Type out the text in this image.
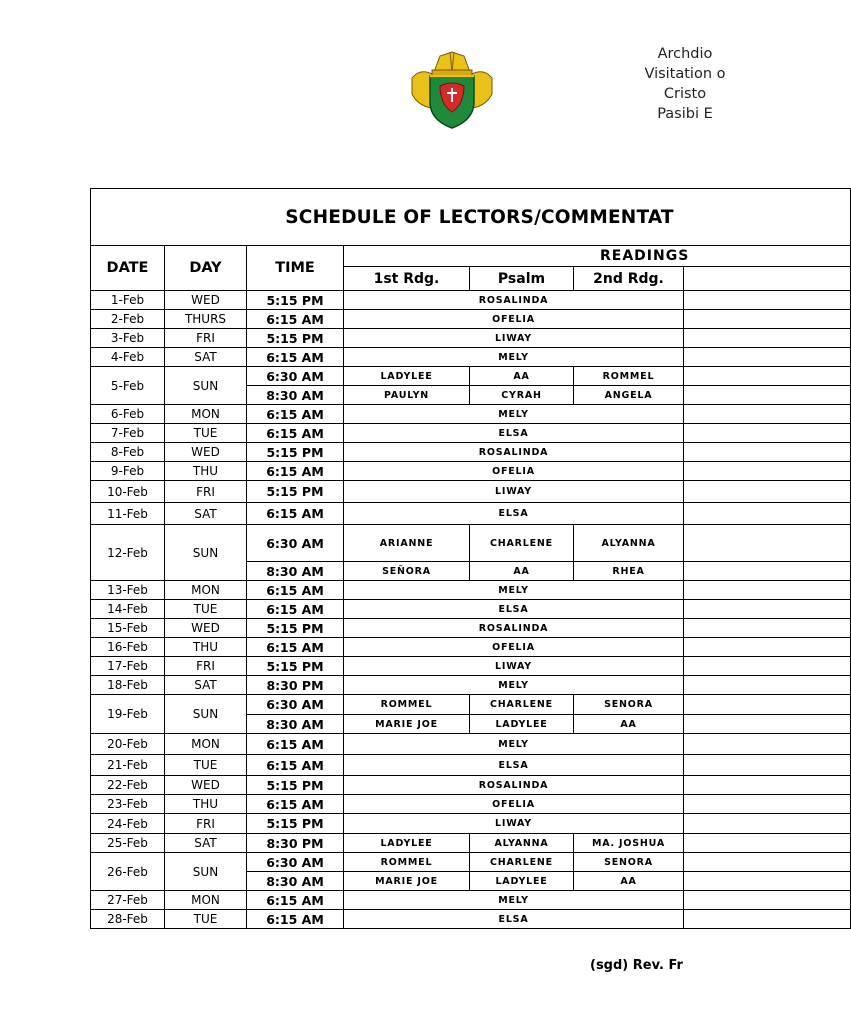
Archdio
Visitation o
Cristo
Pasibi E
SCHEDULE OF LECTORS/COMMENTAT						
DATE	DAY	TIME	READINGS			
			1st Rdg.	Psalm	2nd Rdg.	
1-Feb	WED	5:15 PM	ROSALINDA			
2-Feb	THURS	6:15 AM	OFELIA			
3-Feb	FRI	5:15 PM	LIWAY			
4-Feb	SAT	6:15 AM	MELY			
5-Feb	SUN	6:30 AM	LADYLEE	AA	ROMMEL	
		8:30 AM	PAULYN	CYRAH	ANGELA	
6-Feb	MON	6:15 AM	MELY			
7-Feb	TUE	6:15 AM	ELSA			
8-Feb	WED	5:15 PM	ROSALINDA			
9-Feb	THU	6:15 AM	OFELIA			
10-Feb	FRI	5:15 PM	LIWAY			
11-Feb	SAT	6:15 AM	ELSA			
12-Feb	SUN	6:30 AM	ARIANNE	CHARLENE	ALYANNA	
		8:30 AM	SEÑORA	AA	RHEA	
13-Feb	MON	6:15 AM	MELY			
14-Feb	TUE	6:15 AM	ELSA			
15-Feb	WED	5:15 PM	ROSALINDA			
16-Feb	THU	6:15 AM	OFELIA			
17-Feb	FRI	5:15 PM	LIWAY			
18-Feb	SAT	8:30 PM	MELY			
19-Feb	SUN	6:30 AM	ROMMEL	CHARLENE	SENORA	
		8:30 AM	MARIE JOE	LADYLEE	AA	
20-Feb	MON	6:15 AM	MELY			
21-Feb	TUE	6:15 AM	ELSA			
22-Feb	WED	5:15 PM	ROSALINDA			
23-Feb	THU	6:15 AM	OFELIA			
24-Feb	FRI	5:15 PM	LIWAY			
25-Feb	SAT	8:30 PM	LADYLEE	ALYANNA	MA. JOSHUA	
26-Feb	SUN	6:30 AM	ROMMEL	CHARLENE	SENORA	
		8:30 AM	MARIE JOE	LADYLEE	AA	
27-Feb	MON	6:15 AM	MELY			
28-Feb	TUE	6:15 AM	ELSA			
(sgd) Rev. Fr
